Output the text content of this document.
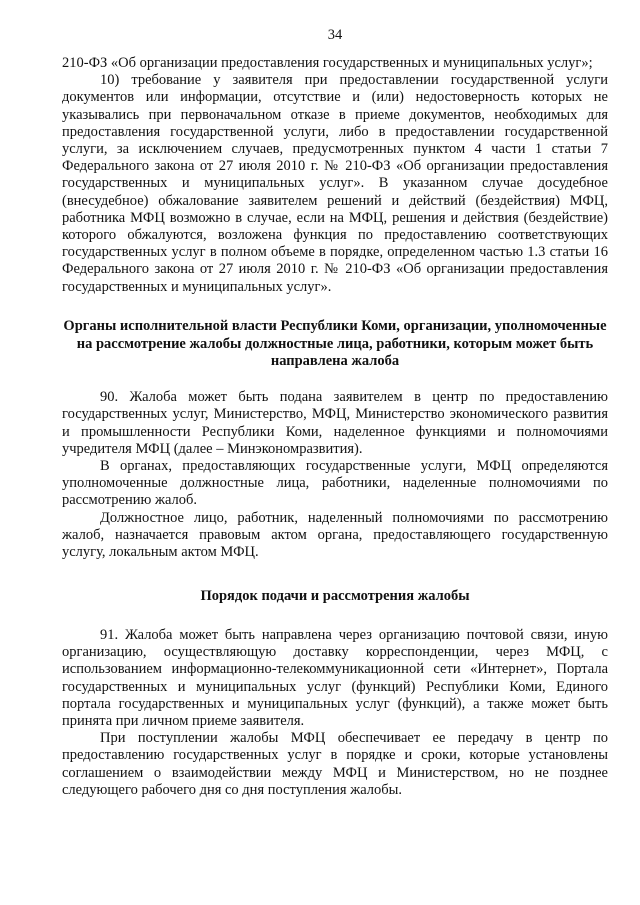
34

210-ФЗ «Об организации предоставления государственных и муниципальных услуг»;

10) требование у заявителя при предоставлении государственной услуги документов или информации, отсутствие и (или) недостоверность которых не указывались при первоначальном отказе в приеме документов, необходимых для предоставления государственной услуги, либо в предоставлении государственной услуги, за исключением случаев, предусмотренных пунктом 4 части 1 статьи 7 Федерального закона от 27 июля 2010 г. № 210-ФЗ «Об организации предоставления государственных и муниципальных услуг». В указанном случае досудебное (внесудебное) обжалование заявителем решений и действий (бездействия) МФЦ, работника МФЦ возможно в случае, если на МФЦ, решения и действия (бездействие) которого обжалуются, возложена функция по предоставлению соответствующих государственных услуг в полном объеме в порядке, определенном частью 1.3 статьи 16 Федерального закона от 27 июля 2010 г. № 210-ФЗ «Об организации предоставления государственных и муниципальных услуг».

Органы исполнительной власти Республики Коми, организации, уполномоченные на рассмотрение жалобы должностные лица, работники, которым может быть направлена жалоба

90. Жалоба может быть подана заявителем в центр по предоставлению государственных услуг, Министерство, МФЦ, Министерство экономического развития и промышленности Республики Коми, наделенное функциями и полномочиями учредителя МФЦ (далее – Минэкономразвития).

В органах, предоставляющих государственные услуги, МФЦ определяются уполномоченные должностные лица, работники, наделенные полномочиями по рассмотрению жалоб.

Должностное лицо, работник, наделенный полномочиями по рассмотрению жалоб, назначается правовым актом органа, предоставляющего государственную услугу, локальным актом МФЦ.

Порядок подачи и рассмотрения жалобы

91. Жалоба может быть направлена через организацию почтовой связи, иную организацию, осуществляющую доставку корреспонденции, через МФЦ, с использованием информационно-телекоммуникационной сети «Интернет», Портала государственных и муниципальных услуг (функций) Республики Коми, Единого портала государственных и муниципальных услуг (функций), а также может быть принята при личном приеме заявителя.

При поступлении жалобы МФЦ обеспечивает ее передачу в центр по предоставлению государственных услуг в порядке и сроки, которые установлены соглашением о взаимодействии между МФЦ и Министерством, но не позднее следующего рабочего дня со дня поступления жалобы.
